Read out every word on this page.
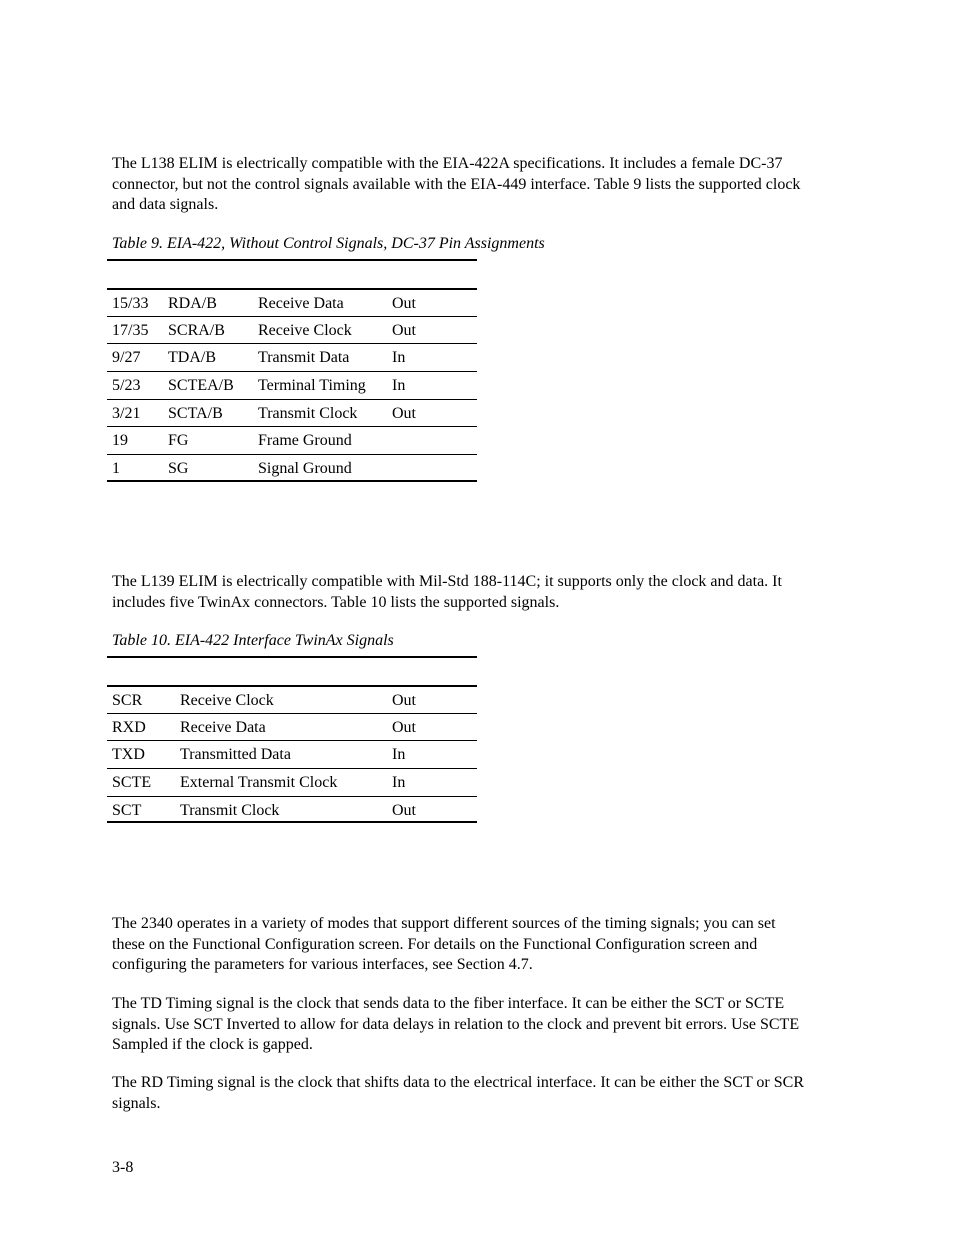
The L138 ELIM is electrically compatible with the EIA-422A specifications. It includes a female DC-37 connector, but not the control signals available with the EIA-449 interface. Table 9 lists the supported clock and data signals.

Table 9. EIA-422, Without Control Signals, DC-37 Pin Assignments

15/33 RDA/B	Receive Data	Out
17/35 SCRA/B Receive Clock	Out
9/27 TDA/B	Transmit Data	In
5/23 SCTEA/B Terminal Timing In
3/21 SCTA/B Transmit Clock Out
19	FG	Frame Ground
1	SG	Signal Ground

The L139 ELIM is electrically compatible with Mil-Std 188-114C; it supports only the clock and data. It includes five TwinAx connectors. Table 10 lists the supported signals.

Table 10. EIA-422 Interface TwinAx Signals

SCR Receive Clock	Out
RXD Receive Data	Out
TXD Transmitted Data	In
SCTE External Transmit Clock	In
SCT Transmit Clock	Out

The 2340 operates in a variety of modes that support different sources of the timing signals; you can set these on the Functional Configuration screen. For details on the Functional Configuration screen and configuring the parameters for various interfaces, see Section 4.7.

The TD Timing signal is the clock that sends data to the fiber interface. It can be either the SCT or SCTE signals. Use SCT Inverted to allow for data delays in relation to the clock and prevent bit errors. Use SCTE Sampled if the clock is gapped.

The RD Timing signal is the clock that shifts data to the electrical interface. It can be either the SCT or SCR signals.

3-8
